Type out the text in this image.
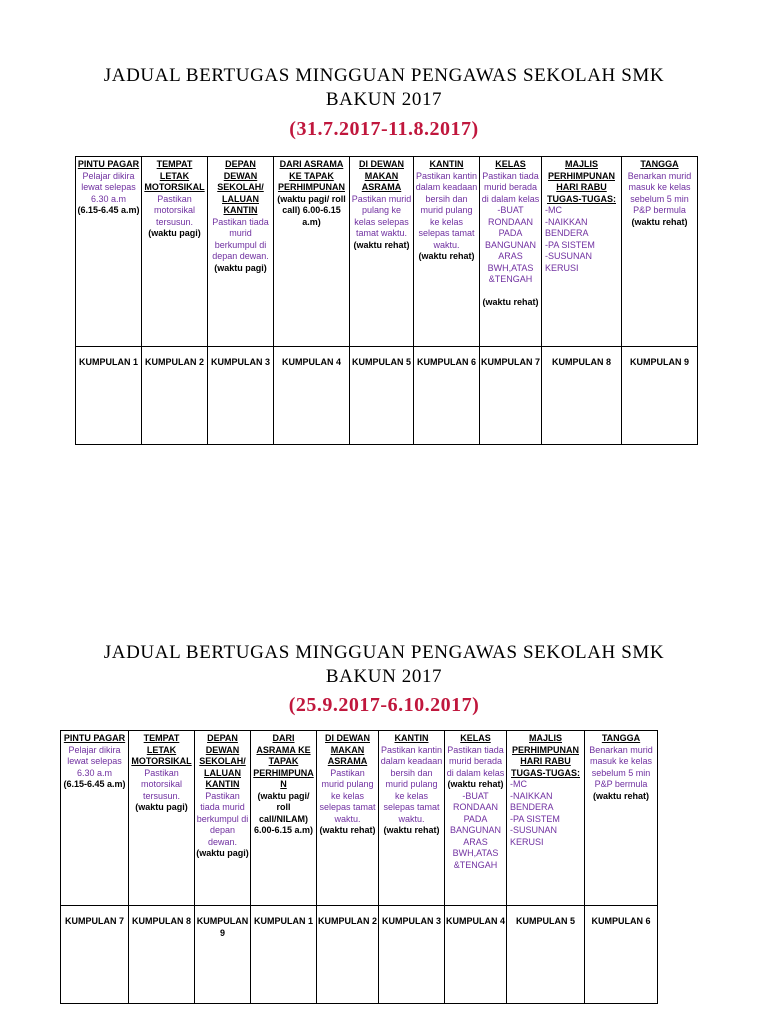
JADUAL BERTUGAS MINGGUAN PENGAWAS SEKOLAH SMK
BAKUN 2017
(31.7.2017-11.8.2017)
PINTU PAGAR
Pelajar dikira lewat selepas 6.30 a.m
(6.15-6.45 a.m)	TEMPAT LETAK MOTORSIKAL
Pastikan motorsikal tersusun.
(waktu pagi)	DEPAN DEWAN SEKOLAH/ LALUAN KANTIN
Pastikan tiada murid berkumpul di depan dewan.
(waktu pagi)	DARI ASRAMA KE TAPAK PERHIMPUNAN
(waktu pagi/ roll call) 6.00-6.15 a.m)	DI DEWAN MAKAN ASRAMA
Pastikan murid pulang ke kelas selepas tamat waktu.
(waktu rehat)	KANTIN
Pastikan kantin dalam keadaan bersih dan murid pulang ke kelas selepas tamat waktu.
(waktu rehat)	KELAS
Pastikan tiada murid berada di dalam kelas -BUAT RONDAAN PADA BANGUNAN ARAS BWH,ATAS &TENGAH
(waktu rehat)	MAJLIS PERHIMPUNAN HARI RABU TUGAS-TUGAS:
-MC
-NAIKKAN BENDERA
-PA SISTEM
-SUSUNAN KERUSI	TANGGA
Benarkan murid masuk ke kelas sebelum 5 min P&P bermula
(waktu rehat)

KUMPULAN 1	KUMPULAN 2	KUMPULAN 3	KUMPULAN 4	KUMPULAN 5	KUMPULAN 6	KUMPULAN 7	KUMPULAN 8	KUMPULAN 9
JADUAL BERTUGAS MINGGUAN PENGAWAS SEKOLAH SMK
BAKUN 2017
(25.9.2017-6.10.2017)
PINTU PAGAR
Pelajar dikira lewat selepas 6.30 a.m
(6.15-6.45 a.m)	TEMPAT LETAK MOTORSIKAL
Pastikan motorsikal tersusun.
(waktu pagi)	DEPAN DEWAN SEKOLAH/ LALUAN KANTIN
Pastikan tiada murid berkumpul di depan dewan.
(waktu pagi)	DARI ASRAMA KE TAPAK PERHIMPUNAN
(waktu pagi/ roll call/NILAM) 6.00-6.15 a.m)	DI DEWAN MAKAN ASRAMA
Pastikan murid pulang ke kelas selepas tamat waktu.
(waktu rehat)	KANTIN
Pastikan kantin dalam keadaan bersih dan murid pulang ke kelas selepas tamat waktu.
(waktu rehat)	KELAS
Pastikan tiada murid berada di dalam kelas
(waktu rehat)
-BUAT RONDAAN PADA BANGUNAN ARAS BWH,ATAS &TENGAH	MAJLIS PERHIMPUNAN HARI RABU TUGAS-TUGAS:
-MC
-NAIKKAN BENDERA
-PA SISTEM
-SUSUNAN KERUSI	TANGGA
Benarkan murid masuk ke kelas sebelum 5 min P&P bermula
(waktu rehat)

KUMPULAN 7	KUMPULAN 8	KUMPULAN 9	KUMPULAN 1	KUMPULAN 2	KUMPULAN 3	KUMPULAN 4	KUMPULAN 5	KUMPULAN 6
